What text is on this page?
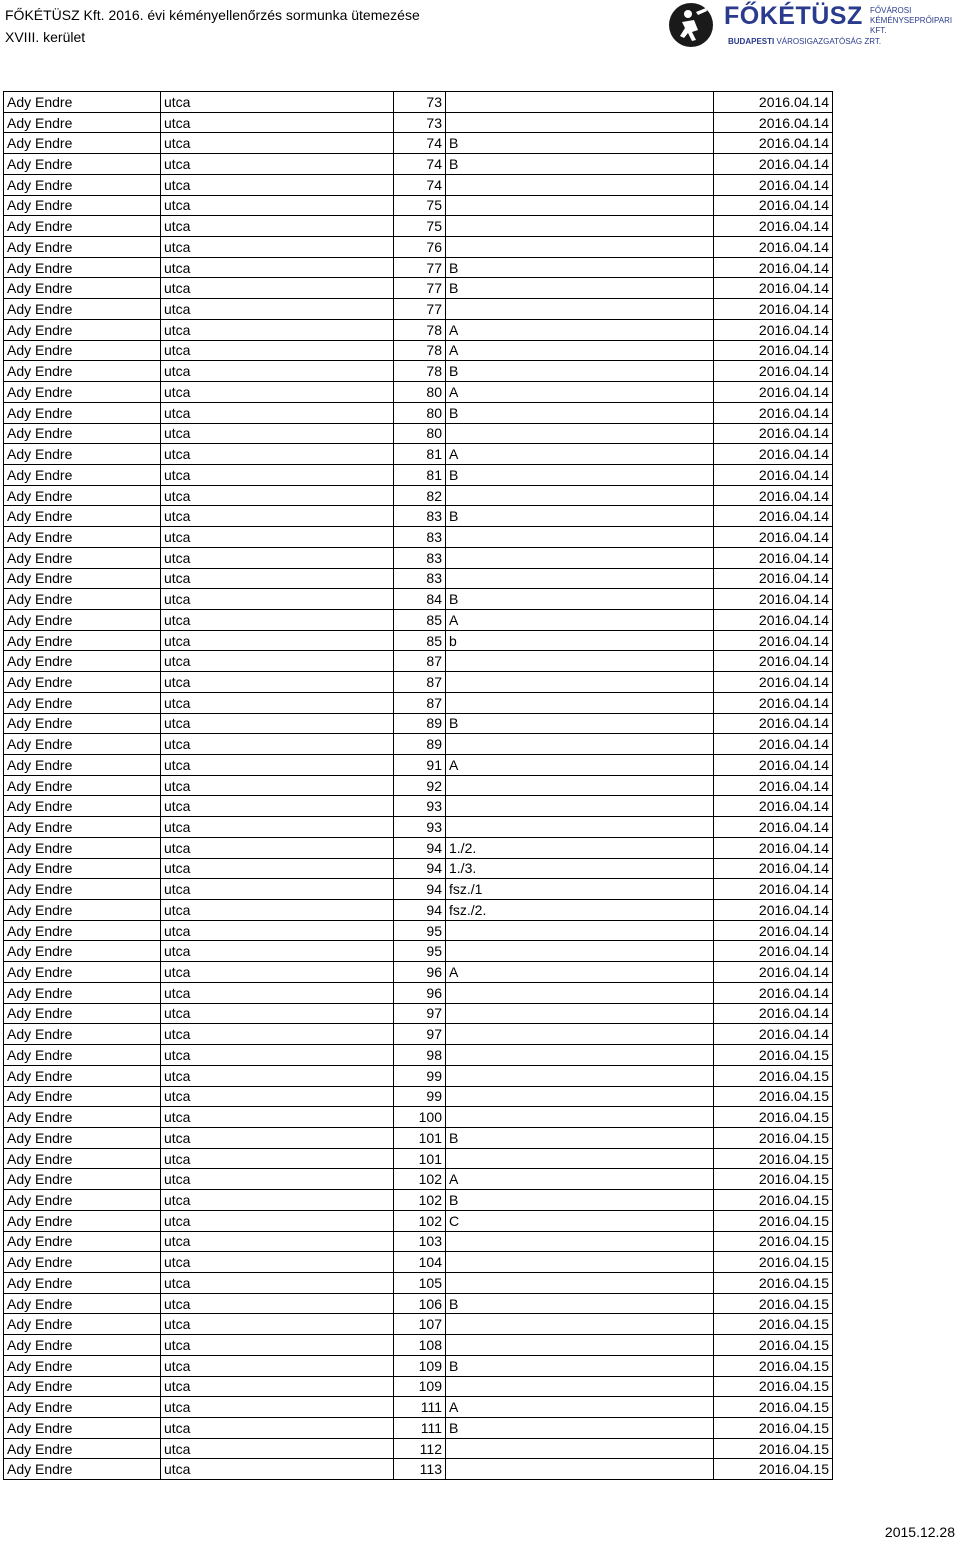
FŐKÉTÜSZ Kft. 2016. évi kéményellenőrzés sormunka ütemezése
XVIII. kerület
FŐKÉTÜSZ FŐVÁROSI
KÉMÉNYSEPRŐIPARI KFT.
BUDAPESTI VÁROSIGAZGATÓSÁG ZRT.
Ady Endre	utca	73		2016.04.14
Ady Endre	utca	73		2016.04.14
Ady Endre	utca	74	B	2016.04.14
Ady Endre	utca	74	B	2016.04.14
Ady Endre	utca	74		2016.04.14
Ady Endre	utca	75		2016.04.14
Ady Endre	utca	75		2016.04.14
Ady Endre	utca	76		2016.04.14
Ady Endre	utca	77	B	2016.04.14
Ady Endre	utca	77	B	2016.04.14
Ady Endre	utca	77		2016.04.14
Ady Endre	utca	78	A	2016.04.14
Ady Endre	utca	78	A	2016.04.14
Ady Endre	utca	78	B	2016.04.14
Ady Endre	utca	80	A	2016.04.14
Ady Endre	utca	80	B	2016.04.14
Ady Endre	utca	80		2016.04.14
Ady Endre	utca	81	A	2016.04.14
Ady Endre	utca	81	B	2016.04.14
Ady Endre	utca	82		2016.04.14
Ady Endre	utca	83	B	2016.04.14
Ady Endre	utca	83		2016.04.14
Ady Endre	utca	83		2016.04.14
Ady Endre	utca	83		2016.04.14
Ady Endre	utca	84	B	2016.04.14
Ady Endre	utca	85	A	2016.04.14
Ady Endre	utca	85	b	2016.04.14
Ady Endre	utca	87		2016.04.14
Ady Endre	utca	87		2016.04.14
Ady Endre	utca	87		2016.04.14
Ady Endre	utca	89	B	2016.04.14
Ady Endre	utca	89		2016.04.14
Ady Endre	utca	91	A	2016.04.14
Ady Endre	utca	92		2016.04.14
Ady Endre	utca	93		2016.04.14
Ady Endre	utca	93		2016.04.14
Ady Endre	utca	94	1./2.	2016.04.14
Ady Endre	utca	94	1./3.	2016.04.14
Ady Endre	utca	94	fsz./1	2016.04.14
Ady Endre	utca	94	fsz./2.	2016.04.14
Ady Endre	utca	95		2016.04.14
Ady Endre	utca	95		2016.04.14
Ady Endre	utca	96	A	2016.04.14
Ady Endre	utca	96		2016.04.14
Ady Endre	utca	97		2016.04.14
Ady Endre	utca	97		2016.04.14
Ady Endre	utca	98		2016.04.15
Ady Endre	utca	99		2016.04.15
Ady Endre	utca	99		2016.04.15
Ady Endre	utca	100		2016.04.15
Ady Endre	utca	101	B	2016.04.15
Ady Endre	utca	101		2016.04.15
Ady Endre	utca	102	A	2016.04.15
Ady Endre	utca	102	B	2016.04.15
Ady Endre	utca	102	C	2016.04.15
Ady Endre	utca	103		2016.04.15
Ady Endre	utca	104		2016.04.15
Ady Endre	utca	105		2016.04.15
Ady Endre	utca	106	B	2016.04.15
Ady Endre	utca	107		2016.04.15
Ady Endre	utca	108		2016.04.15
Ady Endre	utca	109	B	2016.04.15
Ady Endre	utca	109		2016.04.15
Ady Endre	utca	111	A	2016.04.15
Ady Endre	utca	111	B	2016.04.15
Ady Endre	utca	112		2016.04.15
Ady Endre	utca	113		2016.04.15
2015.12.28
